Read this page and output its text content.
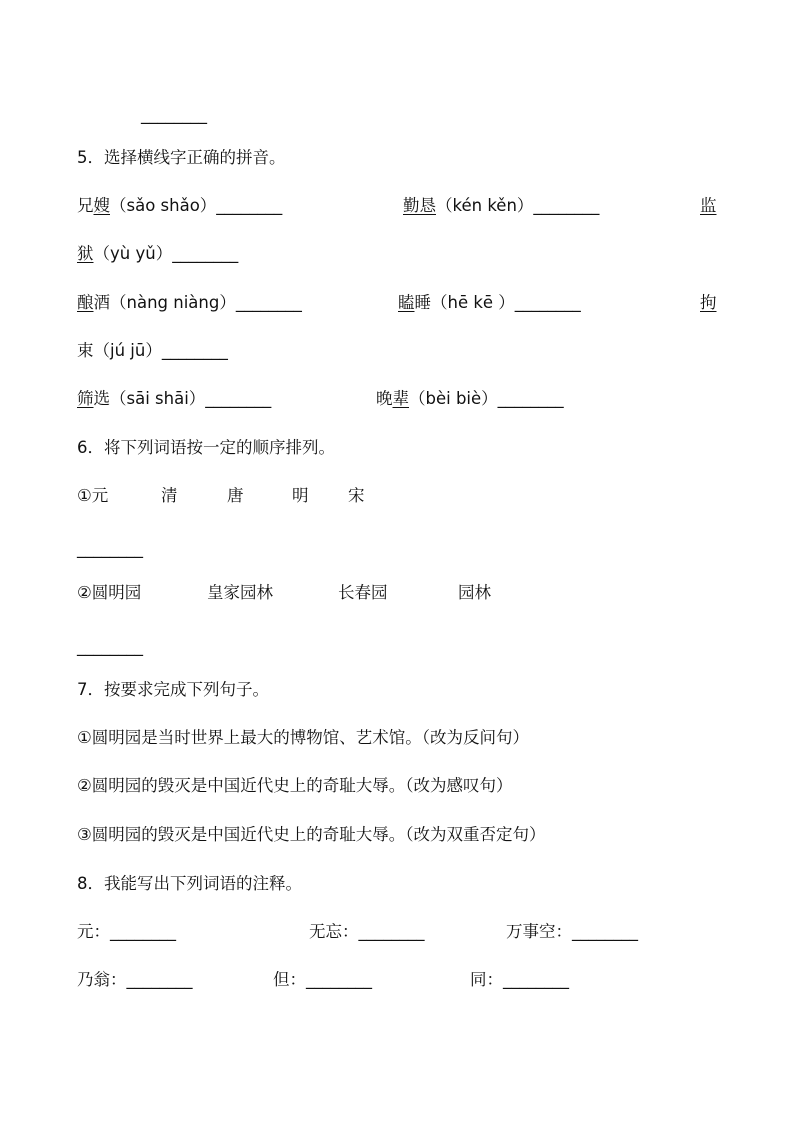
________
5．选择横线字正确的拼音。
兄嫂（sǎo shǎo）________	勤恳（kén kěn）________	监
狱（yù yǔ）________
酿酒（nàng niàng）________	瞌睡（hē kē ）________	拘
束（jú jū）________
筛选（sāi shāi）________	晚辈（bèi biè）________
6．将下列词语按一定的顺序排列。
①元	清	唐	明 宋
________
②圆明园	皇家园林	长春园	园林
________
7．按要求完成下列句子。
①圆明园是当时世界上最大的博物馆、艺术馆。（改为反问句）
②圆明园的毁灭是中国近代史上的奇耻大辱。（改为感叹句）
③圆明园的毁灭是中国近代史上的奇耻大辱。（改为双重否定句）
8．我能写出下列词语的注释。
元：________	无忘：________	万事空：________
乃翁：________	但：________	同：________
